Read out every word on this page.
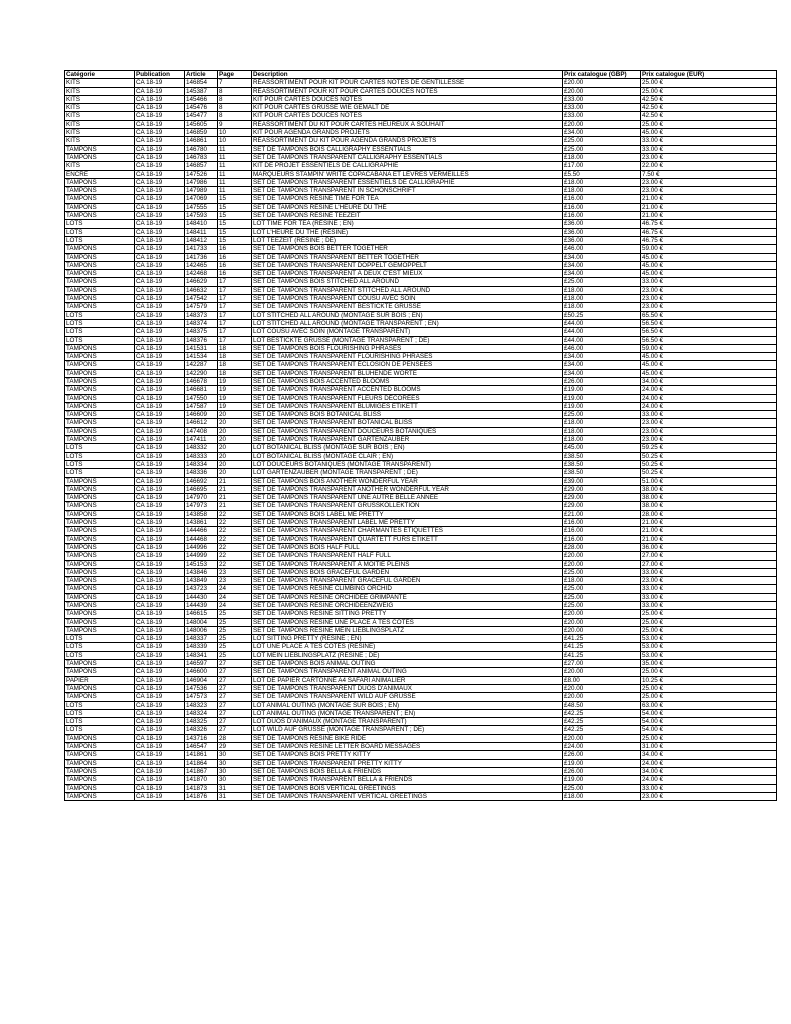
Catégorie	Publication	Article	Page	Description	Prix catalogue (GBP)	Prix catalogue (EUR)
KITS	CA 18-19	146854	7	RÉASSORTIMENT POUR KIT POUR CARTES NOTES DE GENTILLESSE	£20.00	25.00 €
KITS	CA 18-19	145387	8	RÉASSORTIMENT POUR KIT POUR CARTES DOUCES NOTES	£20.00	25.00 €
KITS	CA 18-19	145466	8	KIT POUR CARTES DOUCES NOTES	£33.00	42.50 €
KITS	CA 18-19	145476	8	KIT POUR CARTES GRÜSSE WIE GEMALT DE	£33.00	42.50 €
KITS	CA 18-19	145477	8	KIT POUR CARTES DOUCES NOTES	£33.00	42.50 €
KITS	CA 18-19	145605	9	RÉASSORTIMENT DU KIT POUR CARTES HEUREUX À SOUHAIT	£20.00	25.00 €
KITS	CA 18-19	146859	10	KIT POUR AGENDA GRANDS PROJETS	£34.00	45.00 €
KITS	CA 18-19	146861	10	RÉASSORTIMENT DU KIT POUR AGENDA GRANDS PROJETS	£25.00	33.00 €
TAMPONS	CA 18-19	146780	11	SET DE TAMPONS BOIS CALLIGRAPHY ESSENTIALS	£25.00	33.00 €
TAMPONS	CA 18-19	146783	11	SET DE TAMPONS TRANSPARENT CALLIGRAPHY ESSENTIALS	£18.00	23.00 €
KITS	CA 18-19	146857	11	KIT DE PROJET ESSENTIELS DE CALLIGRAPHIE	£17.00	22.00 €
ENCRE	CA 18-19	147526	11	MARQUEURS STAMPIN' WRITE COPACABANA ET LÈVRES VERMEILLES	£5.50	7.50 €
TAMPONS	CA 18-19	147986	11	SET DE TAMPONS TRANSPARENT ESSENTIELS DE CALLIGRAPHIE	£18.00	23.00 €
TAMPONS	CA 18-19	147989	11	SET DE TAMPONS TRANSPARENT IN SCHÖNSCHRIFT	£18.00	23.00 €
TAMPONS	CA 18-19	147069	15	SET DE TAMPONS RÉSINE TIME FOR TEA	£16.00	21.00 €
TAMPONS	CA 18-19	147555	15	SET DE TAMPONS RÉSINE L'HEURE DU THÉ	£16.00	21.00 €
TAMPONS	CA 18-19	147593	15	SET DE TAMPONS RÉSINE TEEZEIT	£16.00	21.00 €
LOTS	CA 18-19	148410	15	LOT TIME FOR TEA (RÉSINE ; EN)	£36.00	46.75 €
LOTS	CA 18-19	148411	15	LOT L'HEURE DU THÉ (RÉSINE)	£36.00	46.75 €
LOTS	CA 18-19	148412	15	LOT TEEZEIT (RÉSINE ; DE)	£36.00	46.75 €
TAMPONS	CA 18-19	141733	16	SET DE TAMPONS BOIS BETTER TOGETHER	£46.00	59.00 €
TAMPONS	CA 18-19	141736	16	SET DE TAMPONS TRANSPARENT BETTER TOGETHER	£34.00	45.00 €
TAMPONS	CA 18-19	142465	16	SET DE TAMPONS TRANSPARENT DOPPELT GEMOPPELT	£34.00	45.00 €
TAMPONS	CA 18-19	142468	16	SET DE TAMPONS TRANSPARENT À DEUX C'EST MIEUX	£34.00	45.00 €
TAMPONS	CA 18-19	146629	17	SET DE TAMPONS BOIS STITCHED ALL AROUND	£25.00	33.00 €
TAMPONS	CA 18-19	146632	17	SET DE TAMPONS TRANSPARENT STITCHED ALL AROUND	£18.00	23.00 €
TAMPONS	CA 18-19	147542	17	SET DE TAMPONS TRANSPARENT COUSU AVEC SOIN	£18.00	23.00 €
TAMPONS	CA 18-19	147579	17	SET DE TAMPONS TRANSPARENT BESTICKTE GRÜSSE	£18.00	23.00 €
LOTS	CA 18-19	148373	17	LOT STITCHED ALL AROUND (MONTAGE SUR BOIS ; EN)	£50.25	65.50 €
LOTS	CA 18-19	148374	17	LOT STITCHED ALL AROUND (MONTAGE TRANSPARENT ; EN)	£44.00	56.50 €
LOTS	CA 18-19	148375	17	LOT COUSU AVEC SOIN (MONTAGE TRANSPARENT)	£44.00	56.50 €
LOTS	CA 18-19	148376	17	LOT BESTICKTE GRÜSSE (MONTAGE TRANSPARENT ; DE)	£44.00	56.50 €
TAMPONS	CA 18-19	141531	18	SET DE TAMPONS BOIS FLOURISHING PHRASES	£46.00	59.00 €
TAMPONS	CA 18-19	141534	18	SET DE TAMPONS TRANSPARENT FLOURISHING PHRASES	£34.00	45.00 €
TAMPONS	CA 18-19	142287	18	SET DE TAMPONS TRANSPARENT ÉCLOSION DE PENSÉES	£34.00	45.00 €
TAMPONS	CA 18-19	142290	18	SET DE TAMPONS TRANSPARENT BLÜHENDE WORTE	£34.00	45.00 €
TAMPONS	CA 18-19	146678	19	SET DE TAMPONS BOIS ACCENTED BLOOMS	£26.00	34.00 €
TAMPONS	CA 18-19	146681	19	SET DE TAMPONS TRANSPARENT ACCENTED BLOOMS	£19.00	24.00 €
TAMPONS	CA 18-19	147550	19	SET DE TAMPONS TRANSPARENT FLEURS DÉCORÉES	£19.00	24.00 €
TAMPONS	CA 18-19	147587	19	SET DE TAMPONS TRANSPARENT BLUMIGES ETIKETT	£19.00	24.00 €
TAMPONS	CA 18-19	146609	20	SET DE TAMPONS BOIS BOTANICAL BLISS	£25.00	33.00 €
TAMPONS	CA 18-19	146612	20	SET DE TAMPONS TRANSPARENT BOTANICAL BLISS	£18.00	23.00 €
TAMPONS	CA 18-19	147408	20	SET DE TAMPONS TRANSPARENT DOUCEURS BOTANIQUES	£18.00	23.00 €
TAMPONS	CA 18-19	147411	20	SET DE TAMPONS TRANSPARENT GARTENZAUBER	£18.00	23.00 €
LOTS	CA 18-19	148332	20	LOT BOTANICAL BLISS (MONTAGE SUR BOIS ; EN)	£45.00	59.25 €
LOTS	CA 18-19	148333	20	LOT BOTANICAL BLISS (MONTAGE CLAIR ; EN)	£38.50	50.25 €
LOTS	CA 18-19	148334	20	LOT DOUCEURS BOTANIQUES (MONTAGE TRANSPARENT)	£38.50	50.25 €
LOTS	CA 18-19	148336	20	LOT GARTENZAUBER (MONTAGE TRANSPARENT ; DE)	£38.50	50.25 €
TAMPONS	CA 18-19	146692	21	SET DE TAMPONS BOIS ANOTHER WONDERFUL YEAR	£39.00	51.00 €
TAMPONS	CA 18-19	146695	21	SET DE TAMPONS TRANSPARENT ANOTHER WONDERFUL YEAR	£29.00	38.00 €
TAMPONS	CA 18-19	147970	21	SET DE TAMPONS TRANSPARENT UNE AUTRE BELLE ANNÉE	£29.00	38.00 €
TAMPONS	CA 18-19	147973	21	SET DE TAMPONS TRANSPARENT GRUSSKOLLEKTION	£29.00	38.00 €
TAMPONS	CA 18-19	143858	22	SET DE TAMPONS BOIS LABEL ME PRETTY	£21.00	28.00 €
TAMPONS	CA 18-19	143861	22	SET DE TAMPONS TRANSPARENT LABEL ME PRETTY	£16.00	21.00 €
TAMPONS	CA 18-19	144466	22	SET DE TAMPONS TRANSPARENT CHARMANTES ÉTIQUETTES	£16.00	21.00 €
TAMPONS	CA 18-19	144468	22	SET DE TAMPONS TRANSPARENT QUARTETT FÜRS ETIKETT	£16.00	21.00 €
TAMPONS	CA 18-19	144996	22	SET DE TAMPONS BOIS HALF FULL	£28.00	36.00 €
TAMPONS	CA 18-19	144999	22	SET DE TAMPONS TRANSPARENT HALF FULL	£20.00	27.00 €
TAMPONS	CA 18-19	145153	22	SET DE TAMPONS TRANSPARENT À MOITIÉ PLEINS	£20.00	27.00 €
TAMPONS	CA 18-19	143846	23	SET DE TAMPONS BOIS GRACEFUL GARDEN	£25.00	33.00 €
TAMPONS	CA 18-19	143849	23	SET DE TAMPONS TRANSPARENT GRACEFUL GARDEN	£18.00	23.00 €
TAMPONS	CA 18-19	143723	24	SET DE TAMPONS RÉSINE CLIMBING ORCHID	£25.00	33.00 €
TAMPONS	CA 18-19	144430	24	SET DE TAMPONS RÉSINE ORCHIDÉE GRIMPANTE	£25.00	33.00 €
TAMPONS	CA 18-19	144439	24	SET DE TAMPONS RÉSINE ORCHIDEENZWEIG	£25.00	33.00 €
TAMPONS	CA 18-19	146615	25	SET DE TAMPONS RÉSINE SITTING PRETTY	£20.00	25.00 €
TAMPONS	CA 18-19	148004	25	SET DE TAMPONS RÉSINE UNE PLACE À TES CÔTÉS	£20.00	25.00 €
TAMPONS	CA 18-19	148006	25	SET DE TAMPONS RÉSINE MEIN LIEBLINGSPLATZ	£20.00	25.00 €
LOTS	CA 18-19	148337	25	LOT SITTING PRETTY (RÉSINE ; EN)	£41.25	53.00 €
LOTS	CA 18-19	148339	25	LOT UNE PLACE À TES CÔTÉS (RÉSINE)	£41.25	53.00 €
LOTS	CA 18-19	148341	25	LOT MEIN LIEBLINGSPLATZ (RÉSINE ; DE)	£41.25	53.00 €
TAMPONS	CA 18-19	146597	27	SET DE TAMPONS BOIS ANIMAL OUTING	£27.00	35.00 €
TAMPONS	CA 18-19	146600	27	SET DE TAMPONS TRANSPARENT ANIMAL OUTING	£20.00	25.00 €
PAPIER	CA 18-19	146904	27	LOT DE PAPIER CARTONNÉ A4 SAFARI ANIMALIER	£8.00	10.25 €
TAMPONS	CA 18-19	147536	27	SET DE TAMPONS TRANSPARENT DUOS D'ANIMAUX	£20.00	25.00 €
TAMPONS	CA 18-19	147573	27	SET DE TAMPONS TRANSPARENT WILD AUF GRÜSSE	£20.00	25.00 €
LOTS	CA 18-19	148323	27	LOT ANIMAL OUTING (MONTAGE SUR BOIS ; EN)	£48.50	63.00 €
LOTS	CA 18-19	148324	27	LOT ANIMAL OUTING (MONTAGE TRANSPARENT ; EN)	£42.25	54.00 €
LOTS	CA 18-19	148325	27	LOT DUOS D'ANIMAUX (MONTAGE TRANSPARENT)	£42.25	54.00 €
LOTS	CA 18-19	148326	27	LOT WILD AUF GRÜSSE (MONTAGE TRANSPARENT ; DE)	£42.25	54.00 €
TAMPONS	CA 18-19	143716	28	SET DE TAMPONS RÉSINE BIKE RIDE	£20.00	25.00 €
TAMPONS	CA 18-19	146547	29	SET DE TAMPONS RÉSINE LETTER BOARD MESSAGES	£24.00	31.00 €
TAMPONS	CA 18-19	141861	30	SET DE TAMPONS BOIS PRETTY KITTY	£26.00	34.00 €
TAMPONS	CA 18-19	141864	30	SET DE TAMPONS TRANSPARENT PRETTY KITTY	£19.00	24.00 €
TAMPONS	CA 18-19	141867	30	SET DE TAMPONS BOIS BELLA & FRIENDS	£26.00	34.00 €
TAMPONS	CA 18-19	141870	30	SET DE TAMPONS TRANSPARENT BELLA & FRIENDS	£19.00	24.00 €
TAMPONS	CA 18-19	141873	31	SET DE TAMPONS BOIS VERTICAL GREETINGS	£25.00	33.00 €
TAMPONS	CA 18-19	141876	31	SET DE TAMPONS TRANSPARENT VERTICAL GREETINGS	£18.00	23.00 €
